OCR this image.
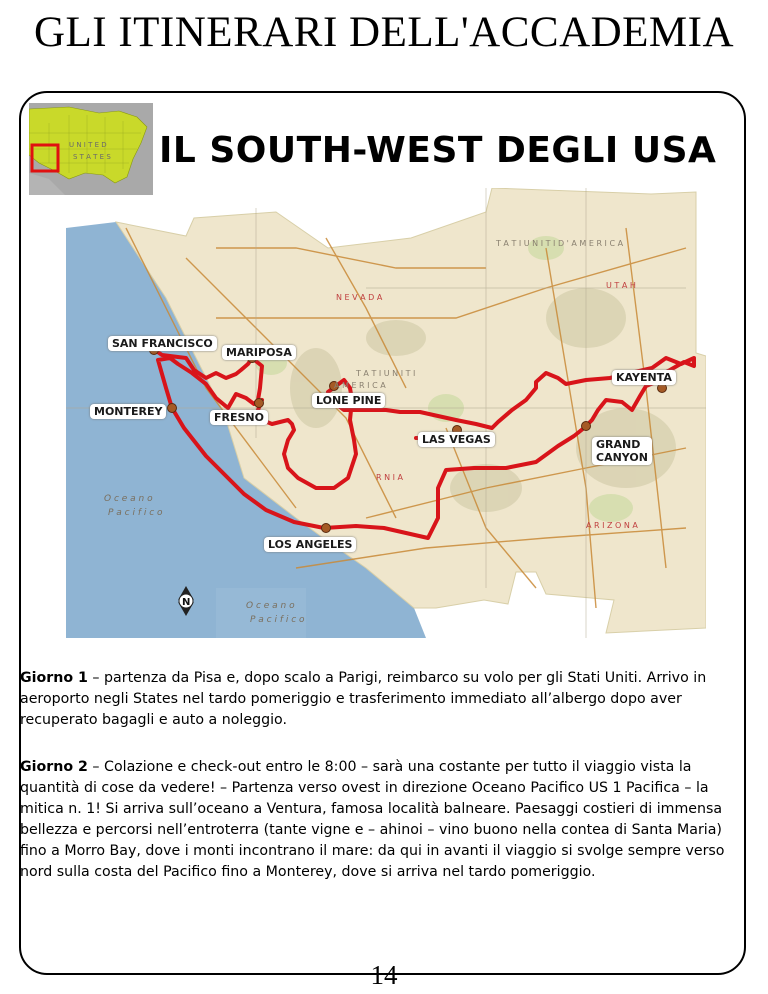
GLI ITINERARI DELL'ACCADEMIA
U N I T E D
S T A T E S IL SOUTH-WEST DEGLI USA
O c e a n o
P a c i f i c o
O c e a n o
P a c i f i c o
T A T I U N I T I D ' A M E R I C A
T A T I U N I T I
A M E R I C A
N E V A D A
U T A H
A R I Z O N A
R N I A
N
SAN FRANCISCO
MARIPOSA
MONTEREY	FRESNO
LONE PINE
LAS VEGAS
KAYENTA
GRAND
CANYON
LOS ANGELES

Giorno 1 – partenza da Pisa e, dopo scalo a Parigi, reimbarco su volo per gli Stati Uniti. Arrivo in aeroporto negli States nel tardo pomeriggio e trasferimento immediato all’albergo dopo aver recuperato bagagli e auto a noleggio.

Giorno 2 – Colazione e check-out entro le 8:00 – sarà una costante per tutto il viaggio vista la quantità di cose da vedere! – Partenza verso ovest in direzione Oceano Pacifico US 1 Pacifica – la mitica n. 1! Si arriva sull’oceano a Ventura, famosa località balneare. Paesaggi costieri di immensa bellezza e percorsi nell’entroterra (tante vigne e – ahinoi – vino buono nella contea di Santa Maria) fino a Morro Bay, dove i monti incontrano il mare: da qui in avanti il viaggio si svolge sempre verso nord sulla costa del Pacifico fino a Monterey, dove si arriva nel tardo pomeriggio.

14
